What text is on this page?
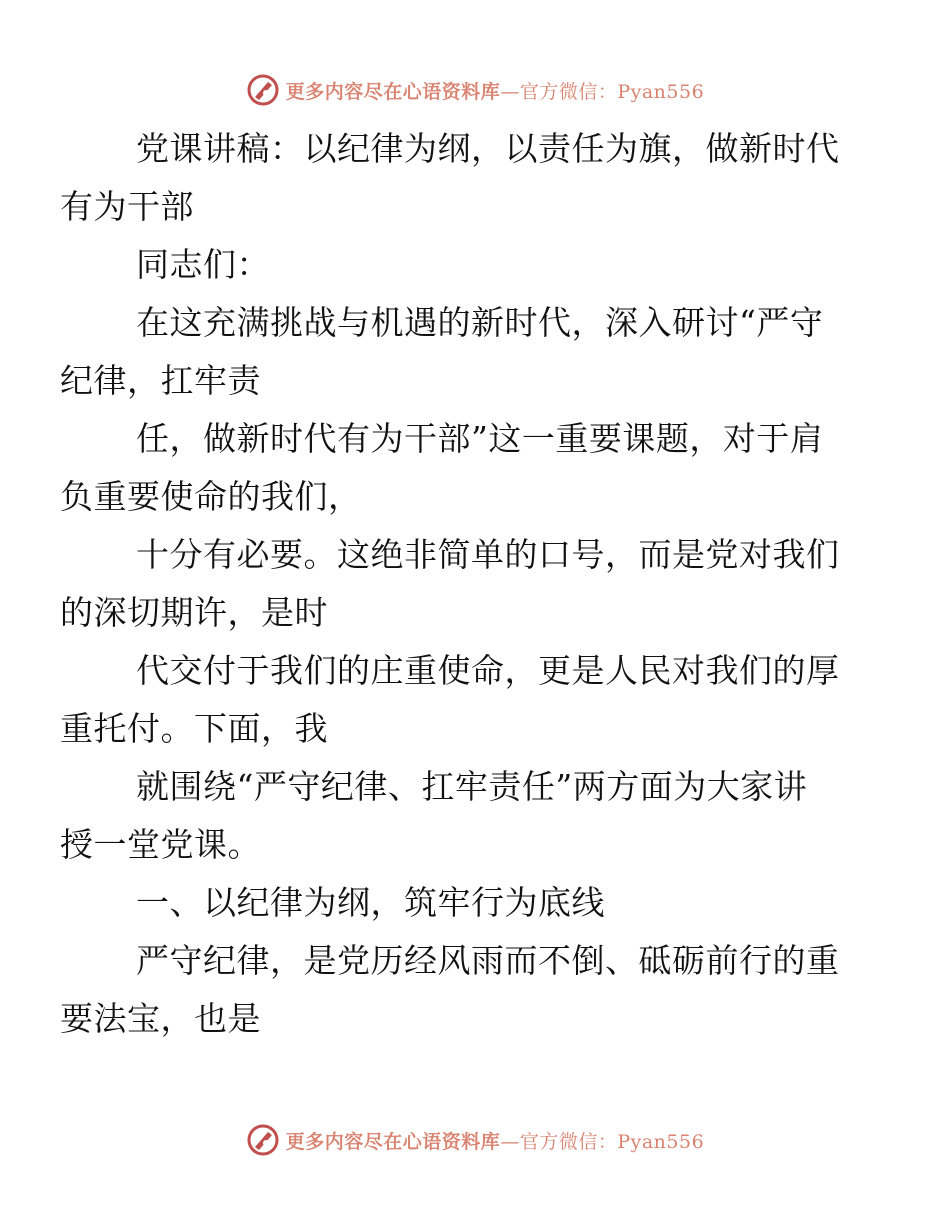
更多内容尽在心语资料库—官方微信：Pyan556

党课讲稿：以纪律为纲，以责任为旗，做新时代
有为干部

同志们：

在这充满挑战与机遇的新时代，深入研讨“严守
纪律，扛牢责

任，做新时代有为干部”这一重要课题，对于肩
负重要使命的我们，

十分有必要。这绝非简单的口号，而是党对我们
的深切期许，是时

代交付于我们的庄重使命，更是人民对我们的厚
重托付。下面，我

就围绕“严守纪律、扛牢责任”两方面为大家讲
授一堂党课。

一、以纪律为纲，筑牢行为底线

严守纪律，是党历经风雨而不倒、砥砺前行的重
要法宝，也是

更多内容尽在心语资料库—官方微信：Pyan556
